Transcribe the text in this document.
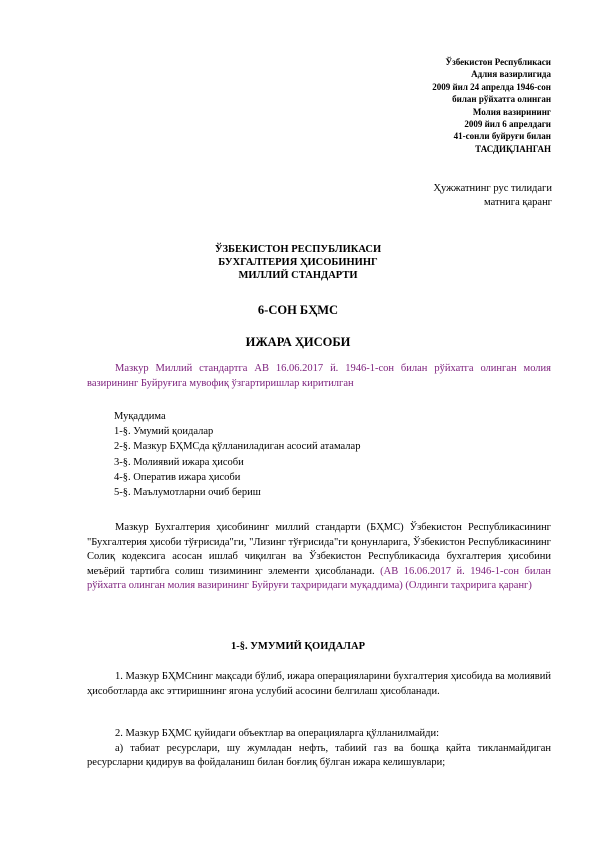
Ўзбекистон Республикаси
Адлия вазирлигида
2009 йил 24 апрелда 1946-сон
билан рўйхатга олинган
Молия вазирининг
2009 йил 6 апрелдаги
41-сонли буйруғи билан
ТАСДИҚЛАНГАН
Ҳужжатнинг рус тилидаги
матнига қаранг
ЎЗБЕКИСТОН РЕСПУБЛИКАСИ
БУХГАЛТЕРИЯ ҲИСОБИНИНГ
МИЛЛИЙ СТАНДАРТИ
6-СОН БҲМС
ИЖАРА ҲИСОБИ

Мазкур Миллий стандартга АВ 16.06.2017 й. 1946-1-сон билан рўйхатга олинган молия вазирининг Буйруғига мувофиқ ўзгартиришлар киритилган

Муқаддима
1-§. Умумий қоидалар
2-§. Мазкур БҲМСда қўлланиладиган асосий атамалар
3-§. Молиявий ижара ҳисоби
4-§. Оператив ижара ҳисоби
5-§. Маълумотларни очиб бериш

Мазкур Бухгалтерия ҳисобининг миллий стандарти (БҲМС) Ўзбекистон Республикасининг "Бухгалтерия ҳисоби тўғрисида"ги, "Лизинг тўғрисида"ги қонунларига, Ўзбекистон Республикасининг Солиқ кодексига асосан ишлаб чиқилган ва Ўзбекистон Республикасида бухгалтерия ҳисобини меъёрий тартибга солиш тизимининг элементи ҳисобланади. (АВ 16.06.2017 й. 1946-1-сон билан рўйхатга олинган молия вазирининг Буйруғи таҳриридаги муқаддима) (Олдинги таҳририга қаранг)

1-§. УМУМИЙ ҚОИДАЛАР

1. Мазкур БҲМСнинг мақсади бўлиб, ижара операцияларини бухгалтерия ҳисобида ва молиявий ҳисоботларда акс эттиришнинг ягона услубий асосини белгилаш ҳисобланади.

2. Мазкур БҲМС қуйидаги объектлар ва операцияларга қўлланилмайди:

а) табиат ресурслари, шу жумладан нефть, табиий газ ва бошқа қайта тикланмайдиган ресурсларни қидирув ва фойдаланиш билан боғлиқ бўлган ижара келишувлари;
